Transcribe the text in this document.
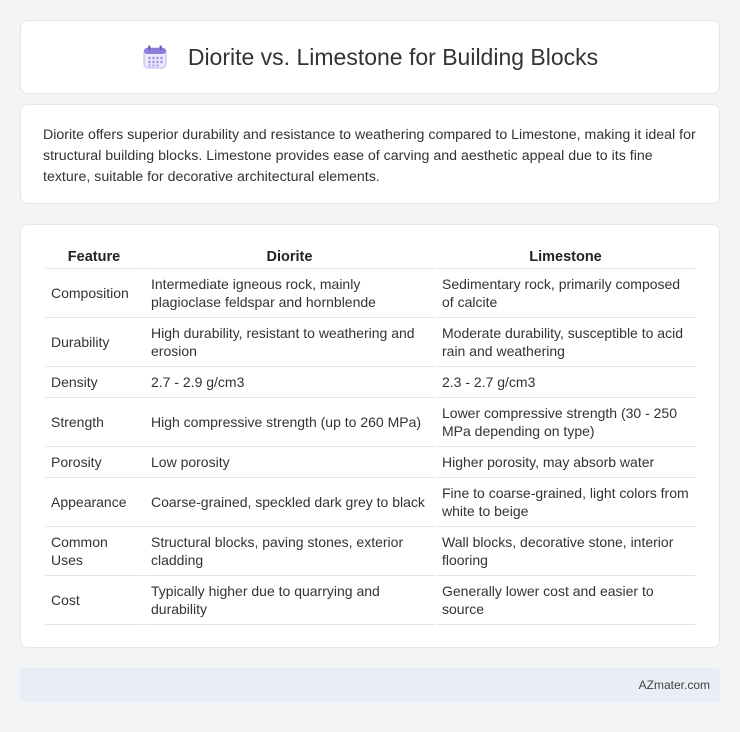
Diorite vs. Limestone for Building Blocks

Diorite offers superior durability and resistance to weathering compared to Limestone, making it ideal for structural building blocks. Limestone provides ease of carving and aesthetic appeal due to its fine texture, suitable for decorative architectural elements.

Feature	Diorite	Limestone
Composition	Intermediate igneous rock, mainly plagioclase feldspar and hornblende	Sedimentary rock, primarily composed of calcite
Durability	High durability, resistant to weathering and erosion	Moderate durability, susceptible to acid rain and weathering
Density	2.7 - 2.9 g/cm3	2.3 - 2.7 g/cm3
Strength	High compressive strength (up to 260 MPa)	Lower compressive strength (30 - 250 MPa depending on type)
Porosity	Low porosity	Higher porosity, may absorb water
Appearance	Coarse-grained, speckled dark grey to black	Fine to coarse-grained, light colors from white to beige
Common Uses	Structural blocks, paving stones, exterior cladding	Wall blocks, decorative stone, interior flooring
Cost	Typically higher due to quarrying and durability	Generally lower cost and easier to source
AZmater.com
